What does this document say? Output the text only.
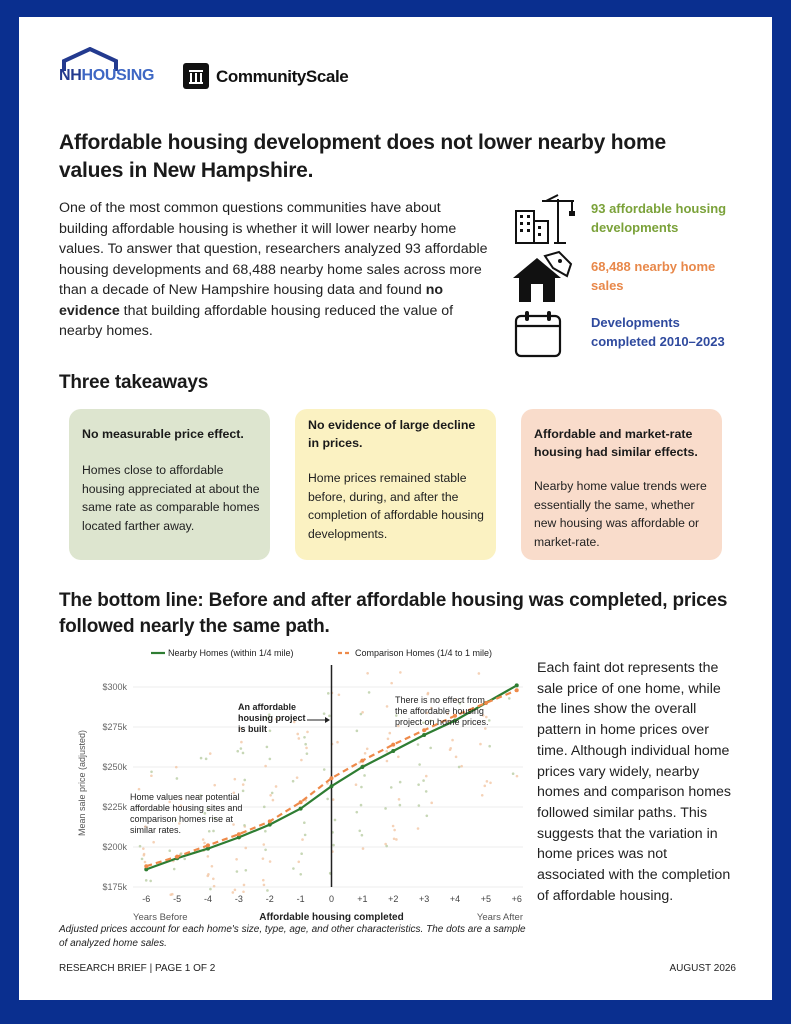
NHHOUSING	CommunityScale
Affordable housing development does not lower nearby home values in New Hampshire.
One of the most common questions communities have about building affordable housing is whether it will lower nearby home values. To answer that question, researchers analyzed 93 affordable housing developments and 68,488 nearby home sales across more than a decade of New Hampshire housing data and found no evidence that building affordable housing reduced the value of nearby homes.
93 affordable housing developments
68,488 nearby home sales
Developments completed 2010–2023
Three takeaways
No measurable price effect.
Homes close to affordable housing appreciated at about the same rate as comparable homes located farther away.
No evidence of large decline in prices.
Home prices remained stable before, during, and after the completion of affordable housing developments.
Affordable and market-rate housing had similar effects.
Nearby home value trends were essentially the same, whether new housing was affordable or market-rate.
The bottom line: Before and after affordable housing was completed, prices followed nearly the same path.
$175k
$200k
$225k
$250k
$275k
$300k
Mean sale price (adjusted)
-6	-5	-4	-3	-2	-1	0	+1 +2 +3 +4 +5 +6
Affordable housing completed
Years Before	Years After
Nearby Homes (within 1/4 mile)	Comparison Homes (1/4 to 1 mile)
Home values near potential affordable housing sites and comparison homes rise at similar rates.
An affordable housing project is built
There is no effect from the affordable housing project on home prices.
Each faint dot represents the sale price of one home, while the lines show the overall pattern in home prices over time. Although individual home prices vary widely, nearby homes and comparison homes followed similar paths. This suggests that the variation in home prices was not associated with the completion of affordable housing.
Adjusted prices account for each home's size, type, age, and other characteristics. The dots are a sample of analyzed home sales.
RESEARCH BRIEF | PAGE 1 OF 2	AUGUST 2026
